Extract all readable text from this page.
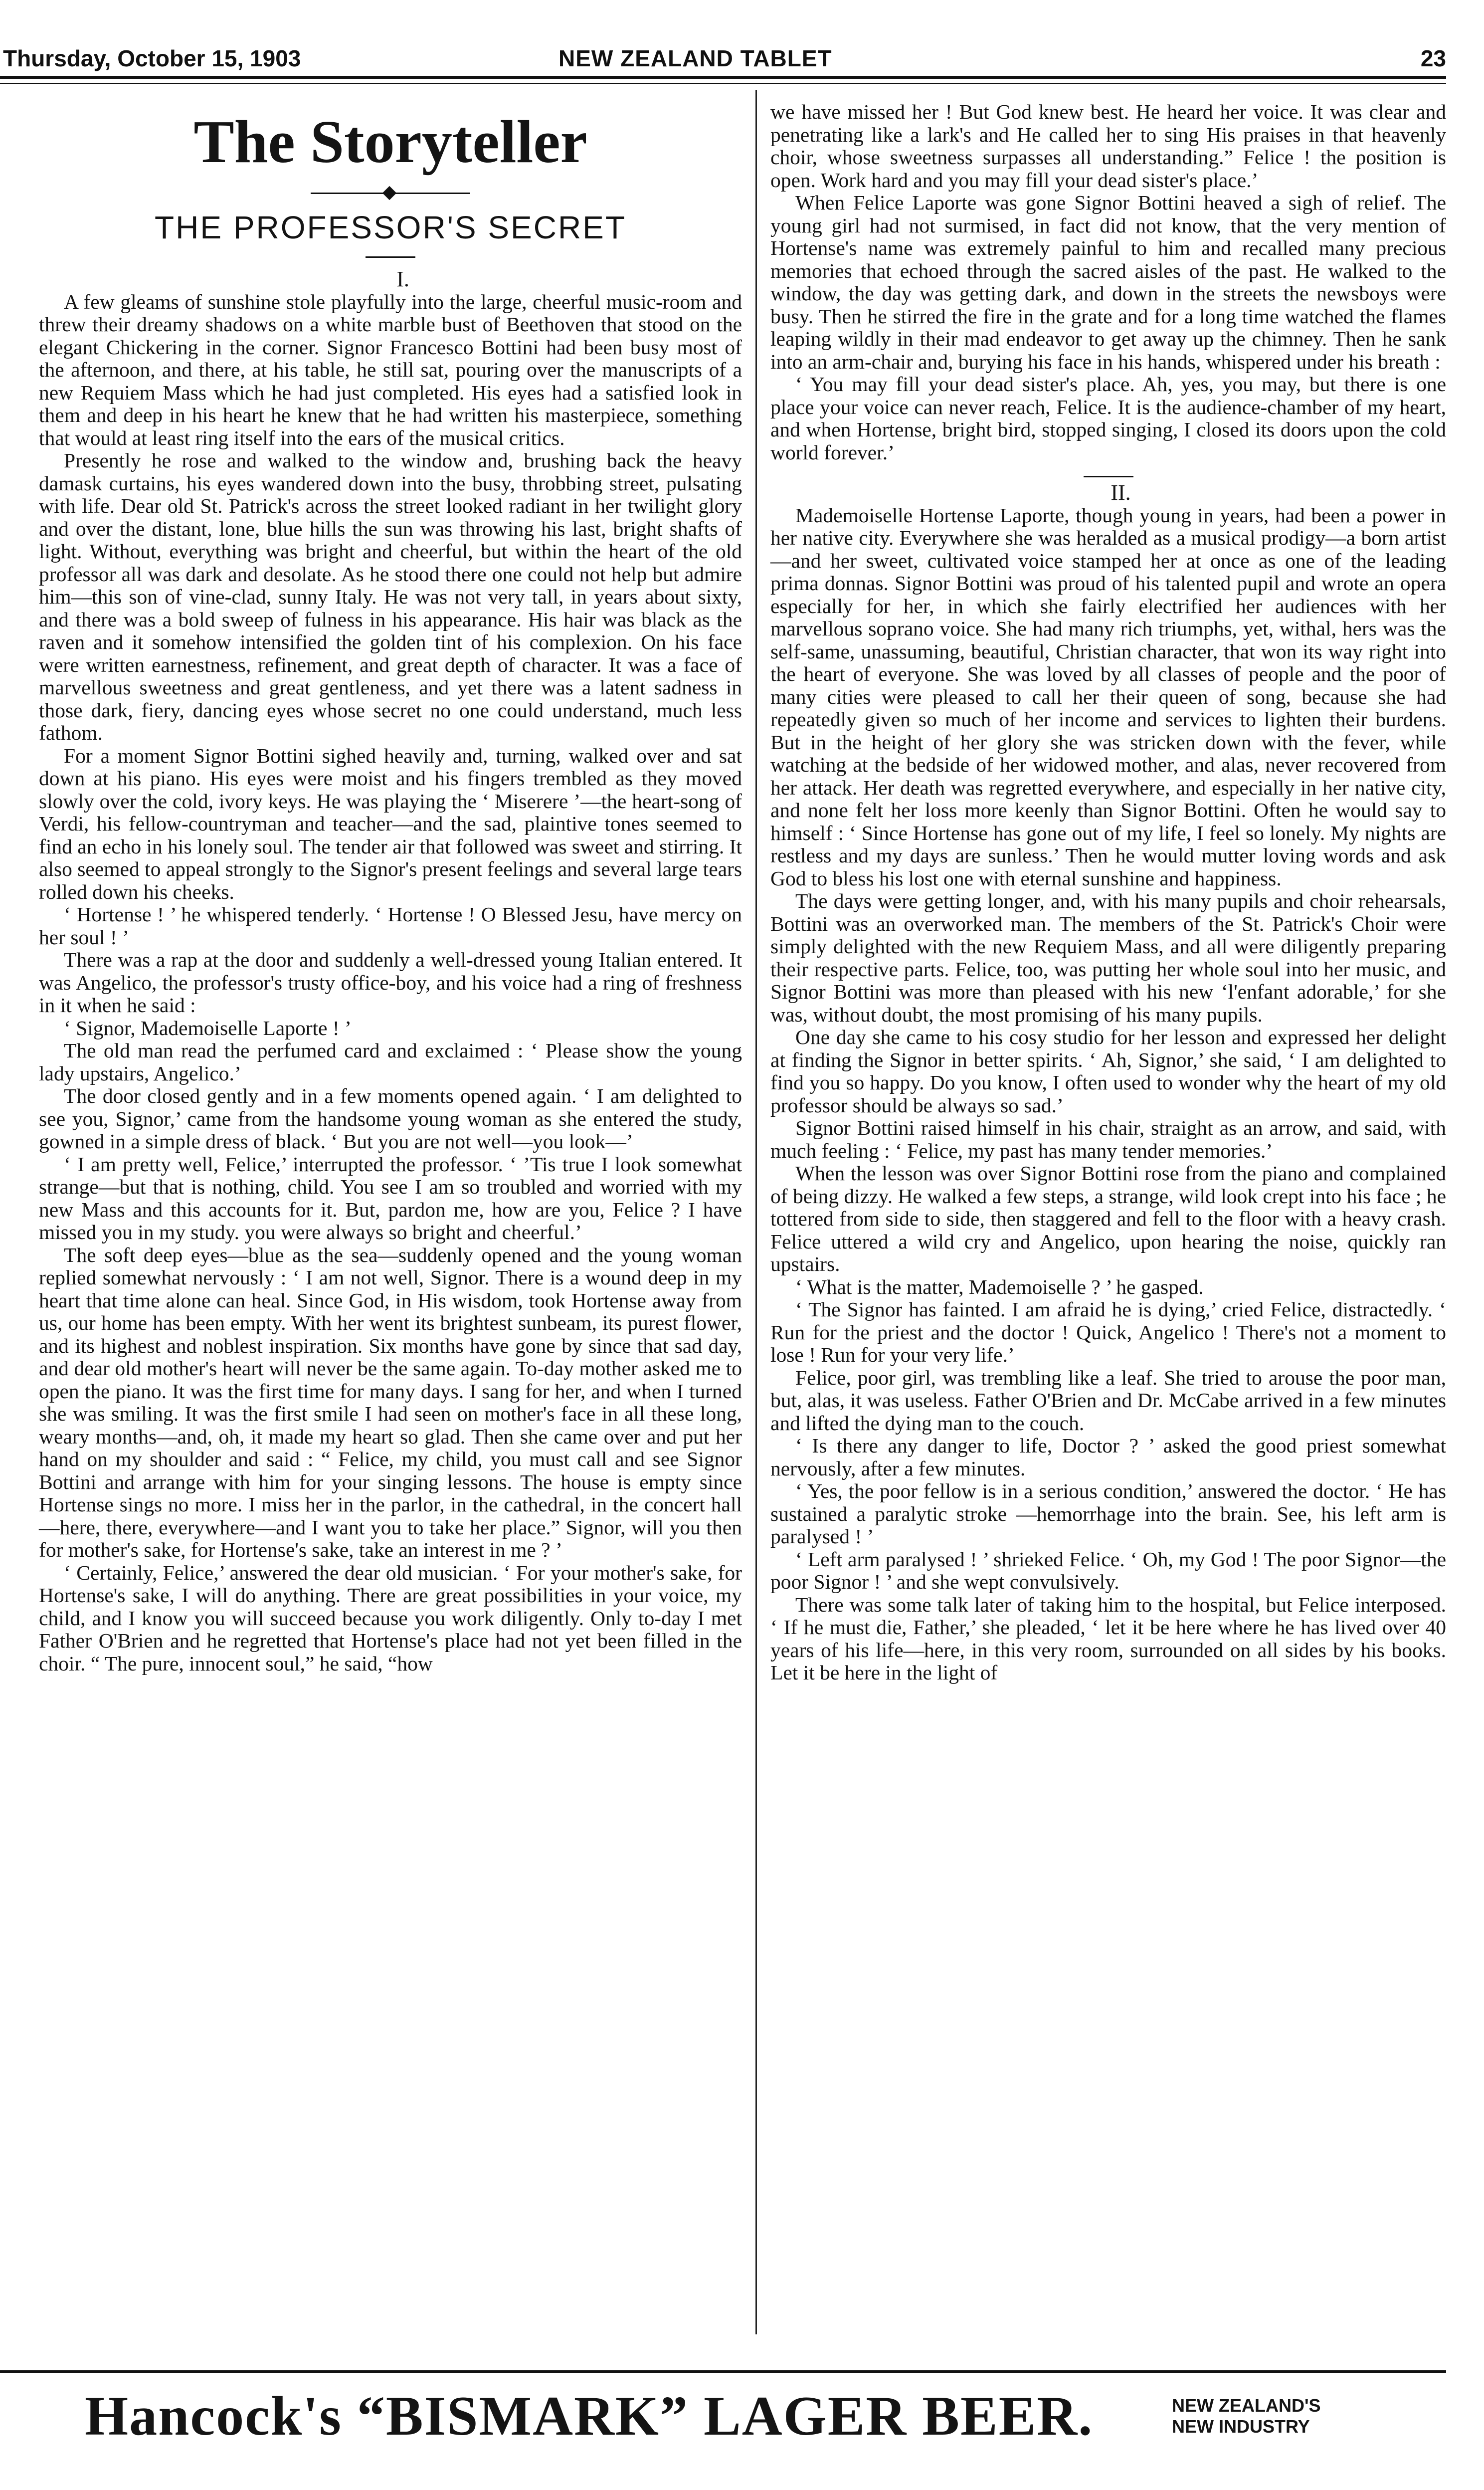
Thursday, October 15, 1903	NEW ZEALAND TABLET	23
The Storyteller
THE PROFESSOR'S SECRET

I.

A few gleams of sunshine stole playfully into the large, cheerful music-room and threw their dreamy shadows on a white marble bust of Beethoven that stood on the elegant Chickering in the corner. Signor Francesco Bottini had been busy most of the afternoon, and there, at his table, he still sat, pouring over the manuscripts of a new Requiem Mass which he had just completed. His eyes had a satisfied look in them and deep in his heart he knew that he had written his masterpiece, something that would at least ring itself into the ears of the musical critics.

Presently he rose and walked to the window and, brushing back the heavy damask curtains, his eyes wandered down into the busy, throbbing street, pulsating with life. Dear old St. Patrick's across the street looked radiant in her twilight glory and over the distant, lone, blue hills the sun was throwing his last, bright shafts of light. Without, everything was bright and cheerful, but within the heart of the old professor all was dark and desolate. As he stood there one could not help but admire him—this son of vine-clad, sunny Italy. He was not very tall, in years about sixty, and there was a bold sweep of fulness in his appearance. His hair was black as the raven and it somehow intensified the golden tint of his complexion. On his face were written earnestness, refinement, and great depth of character. It was a face of marvellous sweetness and great gentleness, and yet there was a latent sadness in those dark, fiery, dancing eyes whose secret no one could understand, much less fathom.

For a moment Signor Bottini sighed heavily and, turning, walked over and sat down at his piano. His eyes were moist and his fingers trembled as they moved slowly over the cold, ivory keys. He was playing the ‘ Miserere ’—the heart-song of Verdi, his fellow-countryman and teacher—and the sad, plaintive tones seemed to find an echo in his lonely soul. The tender air that followed was sweet and stirring. It also seemed to appeal strongly to the Signor's present feelings and several large tears rolled down his cheeks.

‘ Hortense ! ’ he whispered tenderly. ‘ Hortense ! O Blessed Jesu, have mercy on her soul ! ’

There was a rap at the door and suddenly a well-dressed young Italian entered. It was Angelico, the professor's trusty office-boy, and his voice had a ring of freshness in it when he said :

‘ Signor, Mademoiselle Laporte ! ’

The old man read the perfumed card and exclaimed : ‘ Please show the young lady upstairs, Angelico.’

The door closed gently and in a few moments opened again. ‘ I am delighted to see you, Signor,’ came from the handsome young woman as she entered the study, gowned in a simple dress of black. ‘ But you are not well—you look—’

‘ I am pretty well, Felice,’ interrupted the professor. ‘ ’Tis true I look somewhat strange—but that is nothing, child. You see I am so troubled and worried with my new Mass and this accounts for it. But, pardon me, how are you, Felice ? I have missed you in my study. you were always so bright and cheerful.’

The soft deep eyes—blue as the sea—suddenly opened and the young woman replied somewhat nervously : ‘ I am not well, Signor. There is a wound deep in my heart that time alone can heal. Since God, in His wisdom, took Hortense away from us, our home has been empty. With her went its brightest sunbeam, its purest flower, and its highest and noblest inspiration. Six months have gone by since that sad day, and dear old mother's heart will never be the same again. To-day mother asked me to open the piano. It was the first time for many days. I sang for her, and when I turned she was smiling. It was the first smile I had seen on mother's face in all these long, weary months—and, oh, it made my heart so glad. Then she came over and put her hand on my shoulder and said : “ Felice, my child, you must call and see Signor Bottini and arrange with him for your singing lessons. The house is empty since Hortense sings no more. I miss her in the parlor, in the cathedral, in the concert hall—here, there, everywhere—and I want you to take her place.” Signor, will you then for mother's sake, for Hortense's sake, take an interest in me ? ’

‘ Certainly, Felice,’ answered the dear old musician. ‘ For your mother's sake, for Hortense's sake, I will do anything. There are great possibilities in your voice, my child, and I know you will succeed because you work diligently. Only to-day I met Father O'Brien and he regretted that Hortense's place had not yet been filled in the choir. “ The pure, innocent soul,” he said, “how

we have missed her ! But God knew best. He heard her voice. It was clear and penetrating like a lark's and He called her to sing His praises in that heavenly choir, whose sweetness surpasses all understanding.” Felice ! the position is open. Work hard and you may fill your dead sister's place.’

When Felice Laporte was gone Signor Bottini heaved a sigh of relief. The young girl had not surmised, in fact did not know, that the very mention of Hortense's name was extremely painful to him and recalled many precious memories that echoed through the sacred aisles of the past. He walked to the window, the day was getting dark, and down in the streets the newsboys were busy. Then he stirred the fire in the grate and for a long time watched the flames leaping wildly in their mad endeavor to get away up the chimney. Then he sank into an arm-chair and, burying his face in his hands, whispered under his breath :

‘ You may fill your dead sister's place. Ah, yes, you may, but there is one place your voice can never reach, Felice. It is the audience-chamber of my heart, and when Hortense, bright bird, stopped singing, I closed its doors upon the cold world forever.’

II.

Mademoiselle Hortense Laporte, though young in years, had been a power in her native city. Everywhere she was heralded as a musical prodigy—a born artist—and her sweet, cultivated voice stamped her at once as one of the leading prima donnas. Signor Bottini was proud of his talented pupil and wrote an opera especially for her, in which she fairly electrified her audiences with her marvellous soprano voice. She had many rich triumphs, yet, withal, hers was the self-same, unassuming, beautiful, Christian character, that won its way right into the heart of everyone. She was loved by all classes of people and the poor of many cities were pleased to call her their queen of song, because she had repeatedly given so much of her income and services to lighten their burdens. But in the height of her glory she was stricken down with the fever, while watching at the bedside of her widowed mother, and alas, never recovered from her attack. Her death was regretted everywhere, and especially in her native city, and none felt her loss more keenly than Signor Bottini. Often he would say to himself : ‘ Since Hortense has gone out of my life, I feel so lonely. My nights are restless and my days are sunless.’ Then he would mutter loving words and ask God to bless his lost one with eternal sunshine and happiness.

The days were getting longer, and, with his many pupils and choir rehearsals, Bottini was an overworked man. The members of the St. Patrick's Choir were simply delighted with the new Requiem Mass, and all were diligently preparing their respective parts. Felice, too, was putting her whole soul into her music, and Signor Bottini was more than pleased with his new ‘l'enfant adorable,’ for she was, without doubt, the most promising of his many pupils.

One day she came to his cosy studio for her lesson and expressed her delight at finding the Signor in better spirits. ‘ Ah, Signor,’ she said, ‘ I am delighted to find you so happy. Do you know, I often used to wonder why the heart of my old professor should be always so sad.’

Signor Bottini raised himself in his chair, straight as an arrow, and said, with much feeling : ‘ Felice, my past has many tender memories.’

When the lesson was over Signor Bottini rose from the piano and complained of being dizzy. He walked a few steps, a strange, wild look crept into his face ; he tottered from side to side, then staggered and fell to the floor with a heavy crash. Felice uttered a wild cry and Angelico, upon hearing the noise, quickly ran upstairs.

‘ What is the matter, Mademoiselle ? ’ he gasped.

‘ The Signor has fainted. I am afraid he is dying,’ cried Felice, distractedly. ‘ Run for the priest and the doctor ! Quick, Angelico ! There's not a moment to lose ! Run for your very life.’

Felice, poor girl, was trembling like a leaf. She tried to arouse the poor man, but, alas, it was useless. Father O'Brien and Dr. McCabe arrived in a few minutes and lifted the dying man to the couch.

‘ Is there any danger to life, Doctor ? ’ asked the good priest somewhat nervously, after a few minutes.

‘ Yes, the poor fellow is in a serious condition,’ answered the doctor. ‘ He has sustained a paralytic stroke —hemorrhage into the brain. See, his left arm is paralysed ! ’

‘ Left arm paralysed ! ’ shrieked Felice. ‘ Oh, my God ! The poor Signor—the poor Signor ! ’ and she wept convulsively.

There was some talk later of taking him to the hospital, but Felice interposed. ‘ If he must die, Father,’ she pleaded, ‘ let it be here where he has lived over 40 years of his life—here, in this very room, surrounded on all sides by his books. Let it be here in the light of

Hancock's “BISMARK” LAGER BEER.	NEW ZEALAND'S
NEW INDUSTRY
